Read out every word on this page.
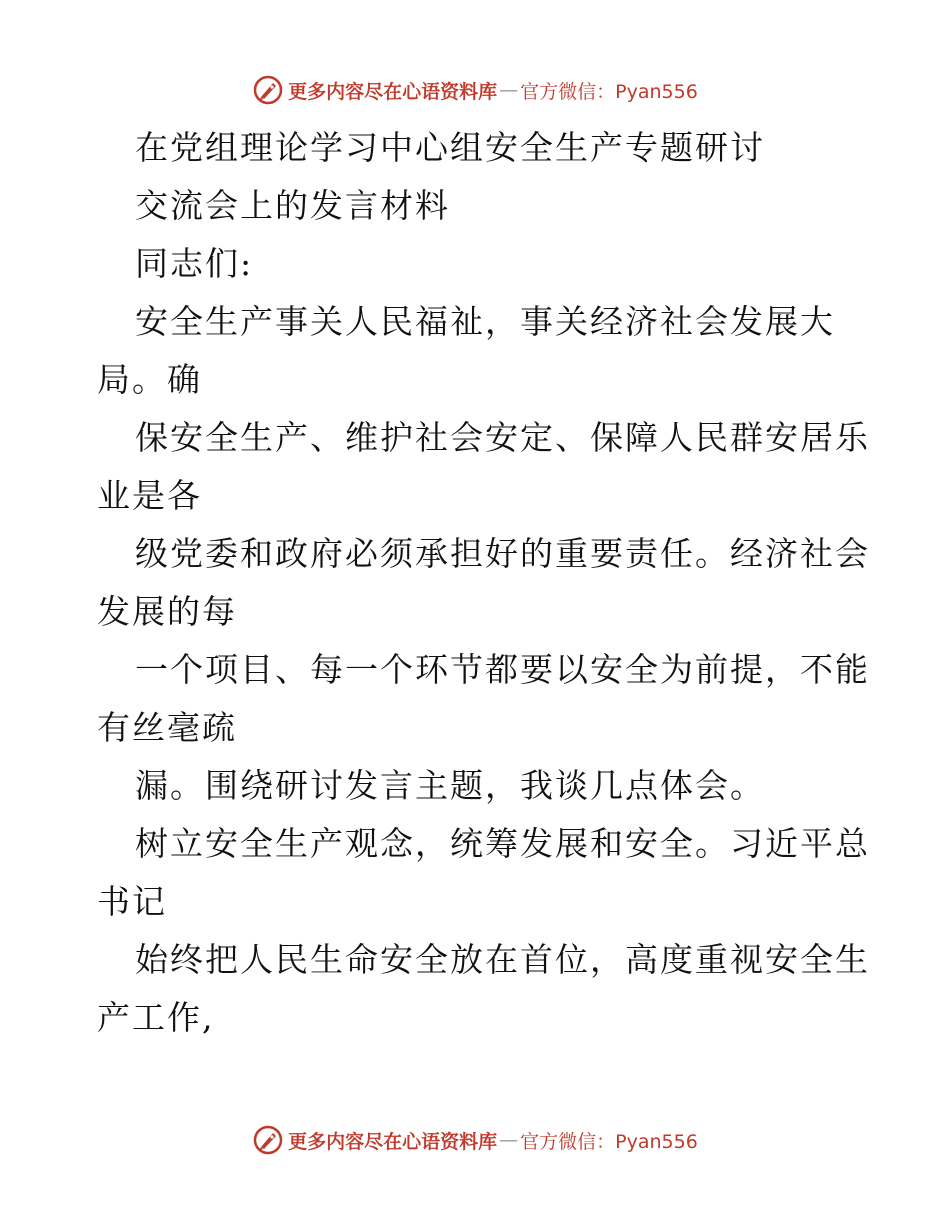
更多内容尽在心语资料库 — 官方微信：Pyan556
在党组理论学习中心组安全生产专题研讨
交流会上的发言材料
同志们:
安全生产事关人民福祉，事关经济社会发展大
局。确
保安全生产、维护社会安定、保障人民群安居乐
业是各
级党委和政府必须承担好的重要责任。经济社会
发展的每
一个项目、每一个环节都要以安全为前提，不能
有丝毫疏
漏。围绕研讨发言主题，我谈几点体会。
树立安全生产观念，统筹发展和安全。习近平总
书记
始终把人民生命安全放在首位，高度重视安全生
产工作,
更多内容尽在心语资料库 — 官方微信：Pyan556
